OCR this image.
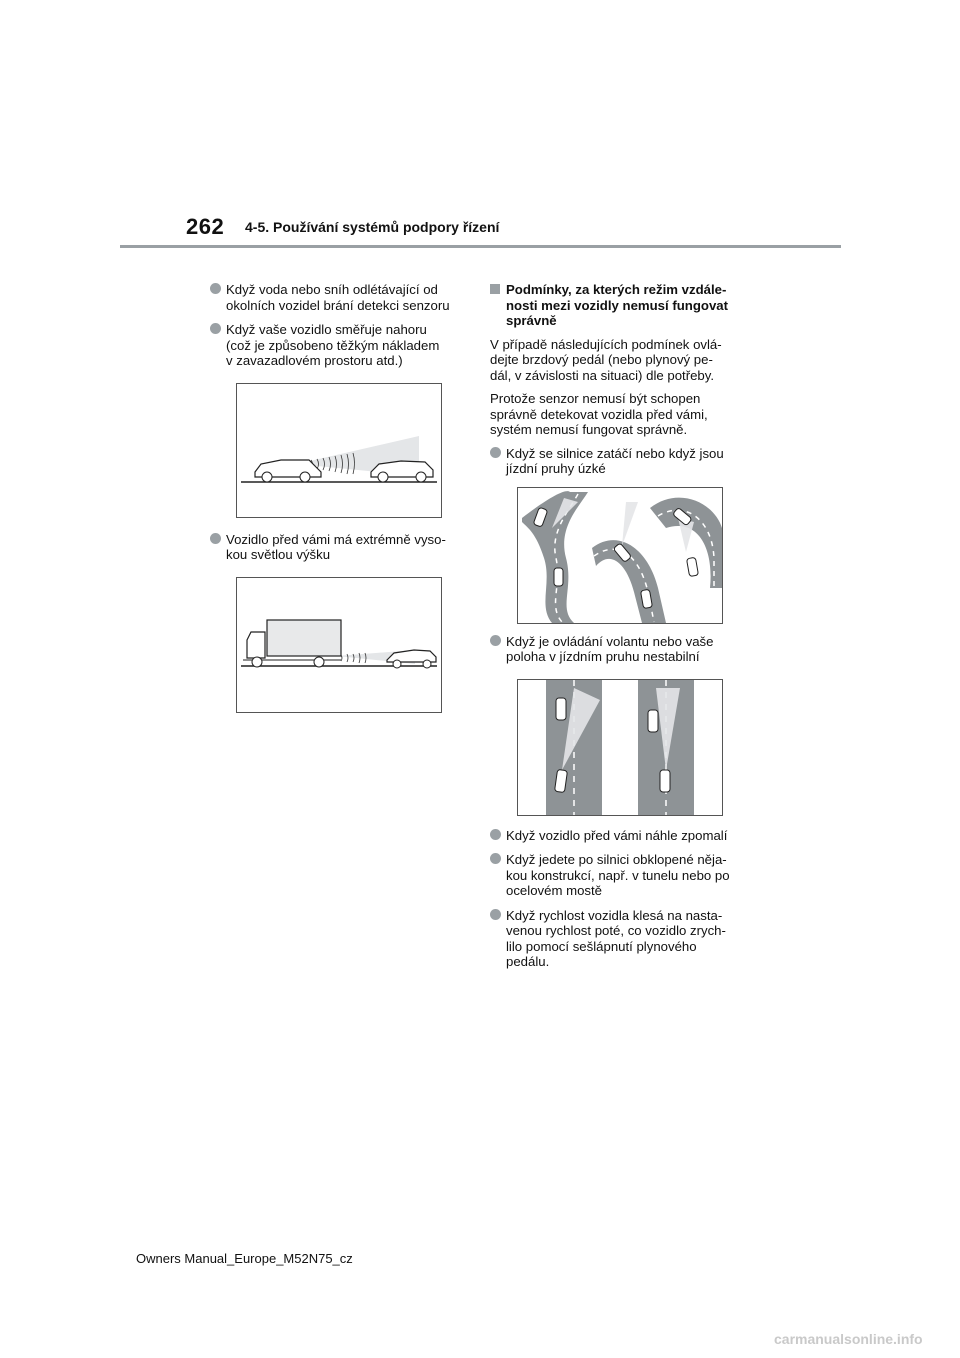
262 4-5. Používání systémů podpory řízení
Když voda nebo sníh odlétávající od
okolních vozidel brání detekci senzoru
Když vaše vozidlo směřuje nahoru
(což je způsobeno těžkým nákladem
v zavazadlovém prostoru atd.)
Vozidlo před vámi má extrémně vyso-
kou světlou výšku
Podmínky, za kterých režim vzdále-
nosti mezi vozidly nemusí fungovat
správně
V případě následujících podmínek ovlá-
dejte brzdový pedál (nebo plynový pe-
dál, v závislosti na situaci) dle potřeby.
Protože senzor nemusí být schopen
správně detekovat vozidla před vámi,
systém nemusí fungovat správně.
Když se silnice zatáčí nebo když jsou
jízdní pruhy úzké
Když je ovládání volantu nebo vaše
poloha v jízdním pruhu nestabilní
Když vozidlo před vámi náhle zpomalí
Když jedete po silnici obklopené něja-
kou konstrukcí, např. v tunelu nebo po
ocelovém mostě
Když rychlost vozidla klesá na nasta-
venou rychlost poté, co vozidlo zrych-
lilo pomocí sešlápnutí plynového
pedálu.
Owners Manual_Europe_M52N75_cz
carmanualsonline.info
